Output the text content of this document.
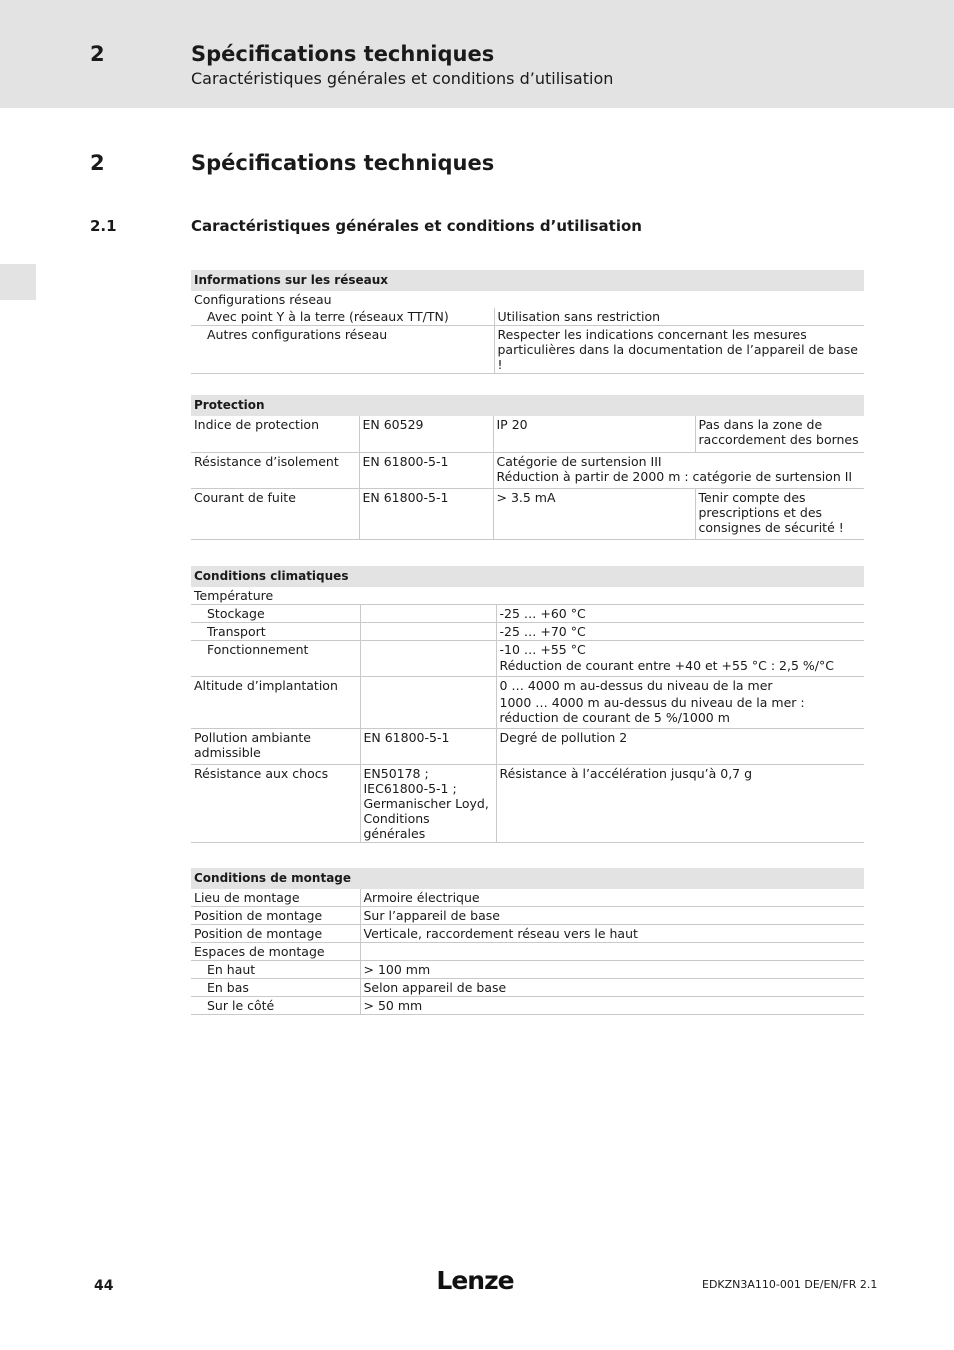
2	Spécifications techniques
Caractéristiques générales et conditions d’utilisation
2	Spécifications techniques
2.1	Caractéristiques générales et conditions d’utilisation
Informations sur les réseaux	
Configurations réseau	
Avec point Y à la terre (réseaux TT/TN)	Utilisation sans restriction
Autres configurations réseau	Respecter les indications concernant les mesures particulières dans la documentation de l’appareil de base !
Protection			
Indice de protection	EN 60529	IP 20	Pas dans la zone de raccordement des bornes
Résistance d’isolement	EN 61800-5-1	Catégorie de surtension III
Réduction à partir de 2000 m : catégorie de surtension II	

Courant de fuite	EN 61800-5-1	> 3.5 mA	Tenir compte des prescriptions et des consignes de sécurité !
Conditions climatiques		
Température		
Stockage		-25 … +60 °C
Transport		-25 … +70 °C
Fonctionnement		-10 … +55 °C
Réduction de courant entre +40 et +55 °C : 2,5 %/°C

Altitude d’implantation		0 … 4000 m au-dessus du niveau de la mer
1000 … 4000 m au-dessus du niveau de la mer : réduction de courant de 5 %/1000 m

Pollution ambiante admissible	EN 61800-5-1	Degré de pollution 2
Résistance aux chocs	EN50178 ; IEC61800-5-1 ; Germanischer Loyd, Conditions générales	Résistance à l’accélération jusqu’à 0,7 g
Conditions de montage	
Lieu de montage	Armoire électrique
Position de montage	Sur l’appareil de base
Position de montage	Verticale, raccordement réseau vers le haut
Espaces de montage	
En haut	> 100 mm
En bas	Selon appareil de base
Sur le côté	> 50 mm
44	Lenze	EDKZN3A110-001 DE/EN/FR 2.1
